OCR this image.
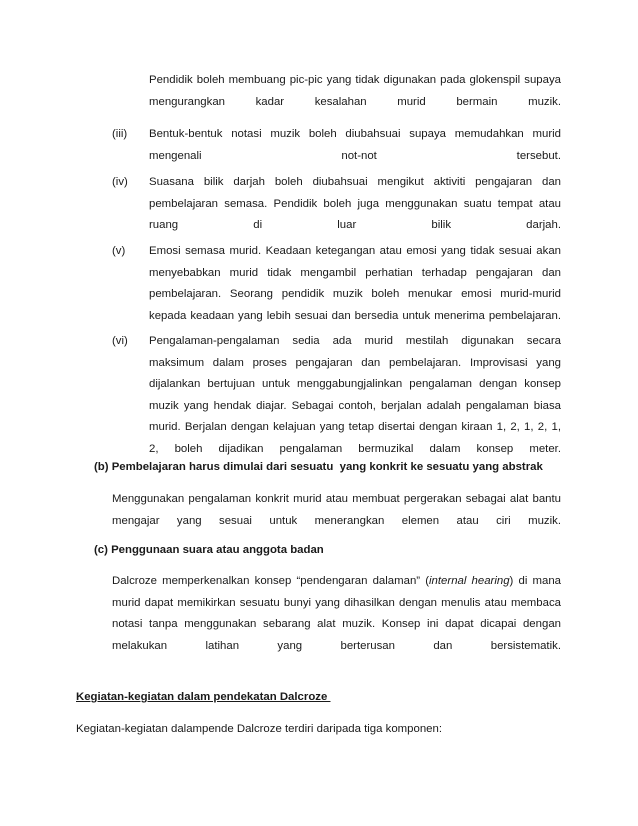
Pendidik boleh membuang pic-pic yang tidak digunakan pada glokenspil supaya
mengurangkan kadar kesalahan murid bermain muzik.
(iii) Bentuk-bentuk notasi muzik boleh diubahsuai supaya memudahkan murid
mengenali not-not tersebut.
(iv) Suasana bilik darjah boleh diubahsuai mengikut aktiviti pengajaran dan
pembelajaran semasa. Pendidik boleh juga menggunakan suatu tempat atau
ruang di luar bilik darjah.
(v) Emosi semasa murid. Keadaan ketegangan atau emosi yang tidak sesuai akan
menyebabkan murid tidak mengambil perhatian terhadap pengajaran dan
pembelajaran. Seorang pendidik muzik boleh menukar emosi murid-murid
kepada keadaan yang lebih sesuai dan bersedia untuk menerima pembelajaran.
(vi) Pengalaman-pengalaman sedia ada murid mestilah digunakan secara
maksimum dalam proses pengajaran dan pembelajaran. Improvisasi yang
dijalankan bertujuan untuk menggabungjalinkan pengalaman dengan konsep
muzik yang hendak diajar. Sebagai contoh, berjalan adalah pengalaman biasa
murid. Berjalan dengan kelajuan yang tetap disertai dengan kiraan 1, 2, 1, 2, 1,
2, boleh dijadikan pengalaman bermuzikal dalam konsep meter.
(b) Pembelajaran harus dimulai dari sesuatu  yang konkrit ke sesuatu yang abstrak
Menggunakan pengalaman konkrit murid atau membuat pergerakan sebagai alat bantu
mengajar yang sesuai untuk menerangkan elemen atau ciri muzik.
(c) Penggunaan suara atau anggota badan
Dalcroze memperkenalkan konsep “pendengaran dalaman” (internal hearing) di mana
murid dapat memikirkan sesuatu bunyi yang dihasilkan dengan menulis atau membaca
notasi tanpa menggunakan sebarang alat muzik. Konsep ini dapat dicapai dengan
melakukan latihan yang berterusan dan bersistematik.
Kegiatan-kegiatan dalam pendekatan Dalcroze
Kegiatan-kegiatan dalampende Dalcroze terdiri daripada tiga komponen:
